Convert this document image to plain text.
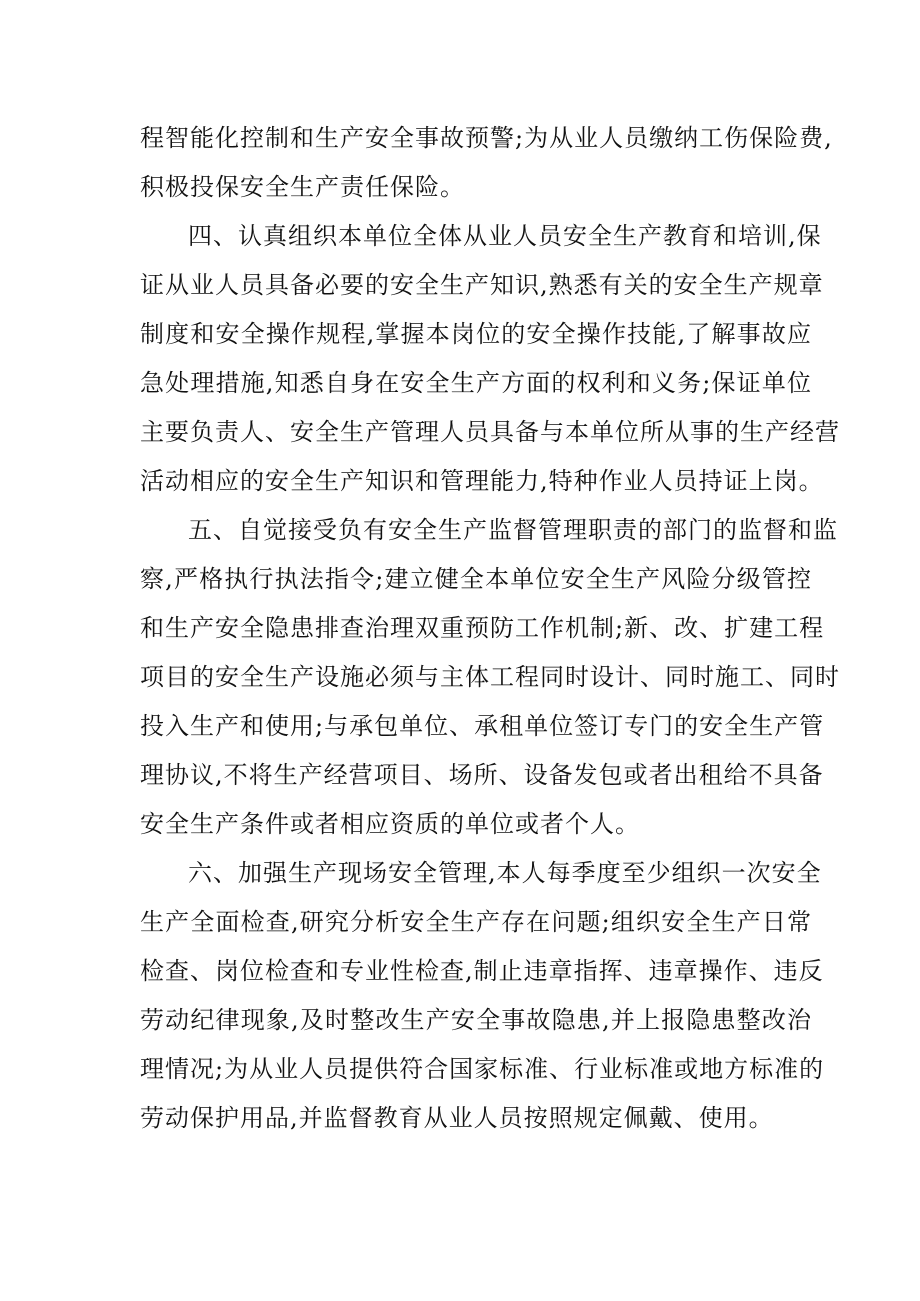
程智能化控制和生产安全事故预警;为从业人员缴纳工伤保险费,
积极投保安全生产责任保险。
四、认真组织本单位全体从业人员安全生产教育和培训,保
证从业人员具备必要的安全生产知识,熟悉有关的安全生产规章
制度和安全操作规程,掌握本岗位的安全操作技能,了解事故应
急处理措施,知悉自身在安全生产方面的权利和义务;保证单位
主要负责人、安全生产管理人员具备与本单位所从事的生产经营
活动相应的安全生产知识和管理能力,特种作业人员持证上岗。
五、自觉接受负有安全生产监督管理职责的部门的监督和监
察,严格执行执法指令;建立健全本单位安全生产风险分级管控
和生产安全隐患排查治理双重预防工作机制;新、改、扩建工程
项目的安全生产设施必须与主体工程同时设计、同时施工、同时
投入生产和使用;与承包单位、承租单位签订专门的安全生产管
理协议,不将生产经营项目、场所、设备发包或者出租给不具备
安全生产条件或者相应资质的单位或者个人。
六、加强生产现场安全管理,本人每季度至少组织一次安全
生产全面检查,研究分析安全生产存在问题;组织安全生产日常
检查、岗位检查和专业性检查,制止违章指挥、违章操作、违反
劳动纪律现象,及时整改生产安全事故隐患,并上报隐患整改治
理情况;为从业人员提供符合国家标准、行业标准或地方标准的
劳动保护用品,并监督教育从业人员按照规定佩戴、使用。
